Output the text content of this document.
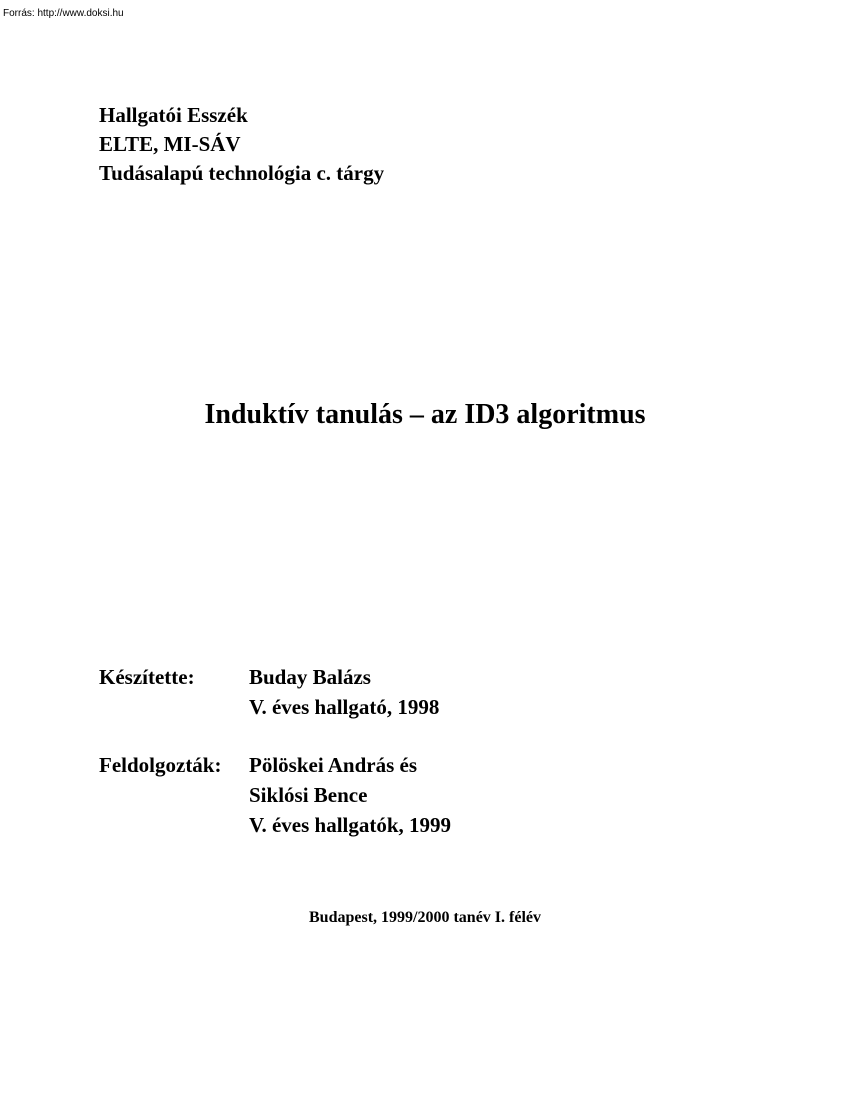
Forrás: http://www.doksi.hu
Hallgatói Esszék
ELTE, MI-SÁV
Tudásalapú technológia c. tárgy
Induktív tanulás – az ID3 algoritmus
Készítette:	Buday Balázs
V. éves hallgató, 1998
Feldolgozták:	Pölöskei András és
Siklósi Bence
V. éves hallgatók, 1999
Budapest, 1999/2000 tanév I. félév
